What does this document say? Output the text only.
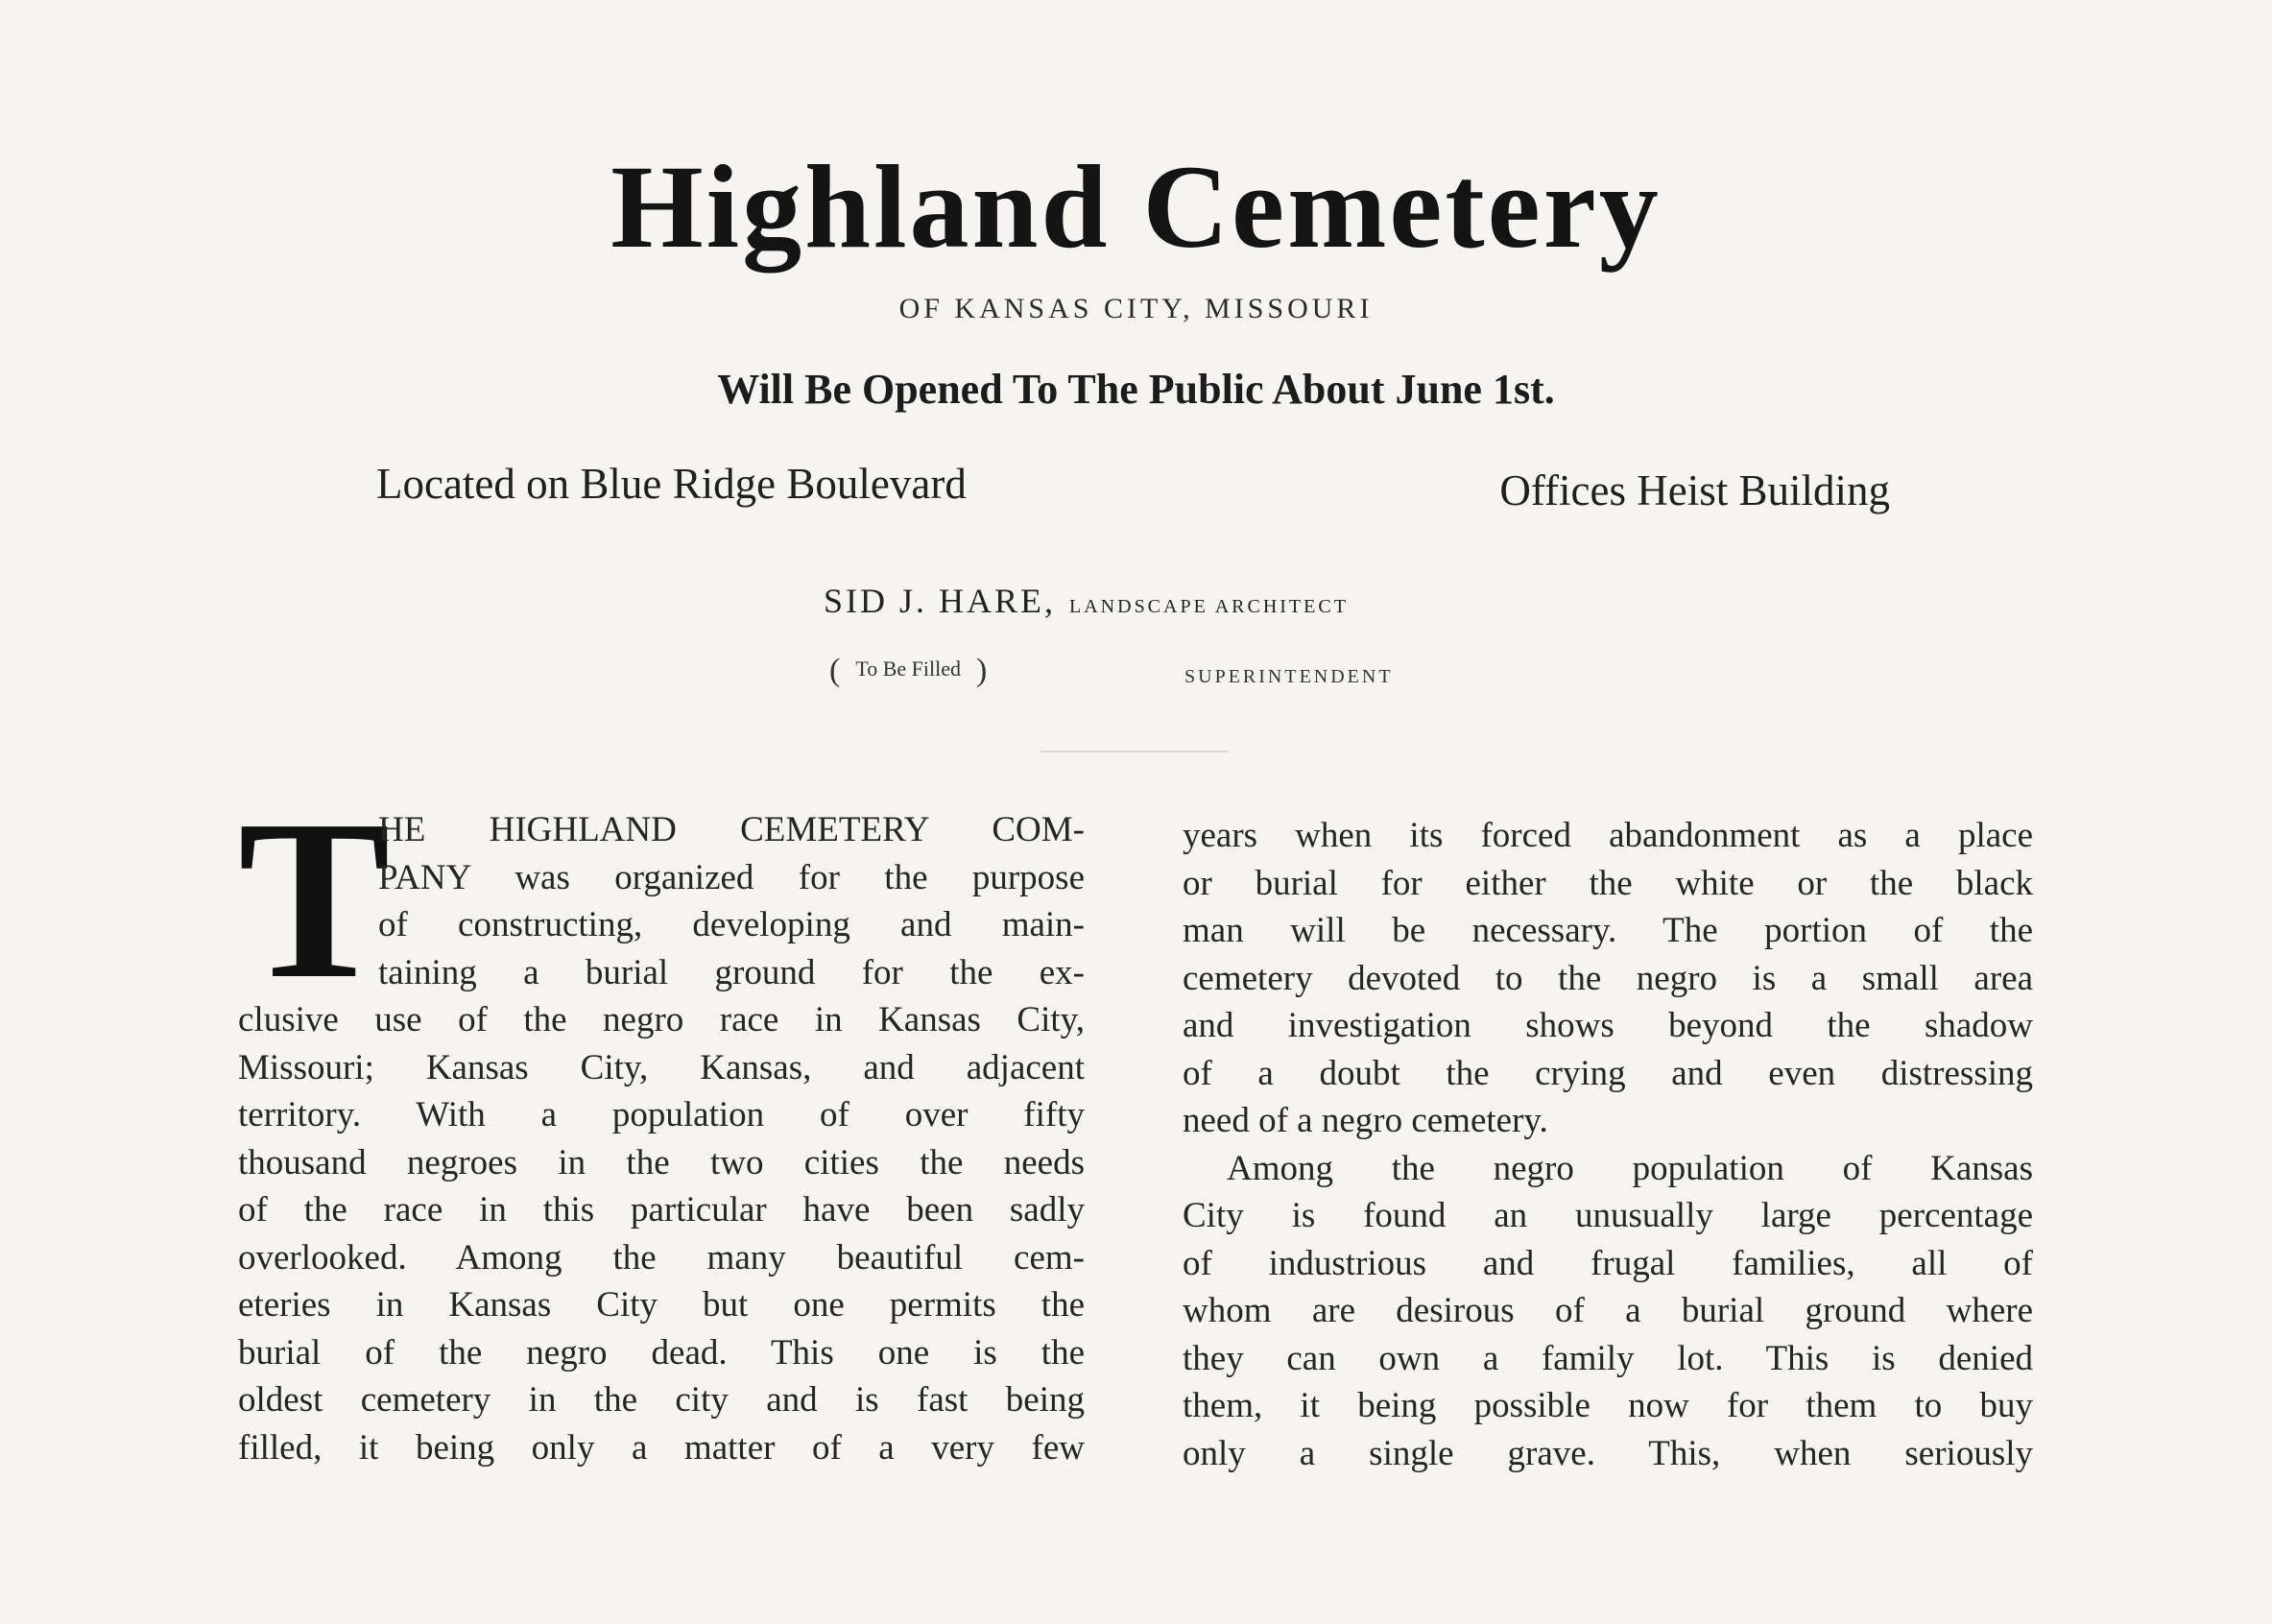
Highland Cemetery
OF KANSAS CITY, MISSOURI
Will Be Opened To The Public About June 1st.
Located on Blue Ridge Boulevard	Offices Heist Building
SID J. HARE, LANDSCAPE ARCHITECT
( To Be Filled )	SUPERINTENDENT
T
HE HIGHLAND CEMETERY COM-
PANY was organized for the purpose
of constructing, developing and main-
taining a burial ground for the ex-
clusive use of the negro race in Kansas City,
Missouri; Kansas City, Kansas, and adjacent
territory. With a population of over fifty
thousand negroes in the two cities the needs
of the race in this particular have been sadly
overlooked. Among the many beautiful cem-
eteries in Kansas City but one permits the
burial of the negro dead. This one is the
oldest cemetery in the city and is fast being
filled, it being only a matter of a very few
years when its forced abandonment as a place
or burial for either the white or the black
man will be necessary. The portion of the
cemetery devoted to the negro is a small area
and investigation shows beyond the shadow
of a doubt the crying and even distressing
need of a negro cemetery.
Among the negro population of Kansas
City is found an unusually large percentage
of industrious and frugal families, all of
whom are desirous of a burial ground where
they can own a family lot. This is denied
them, it being possible now for them to buy
only a single grave. This, when seriously
